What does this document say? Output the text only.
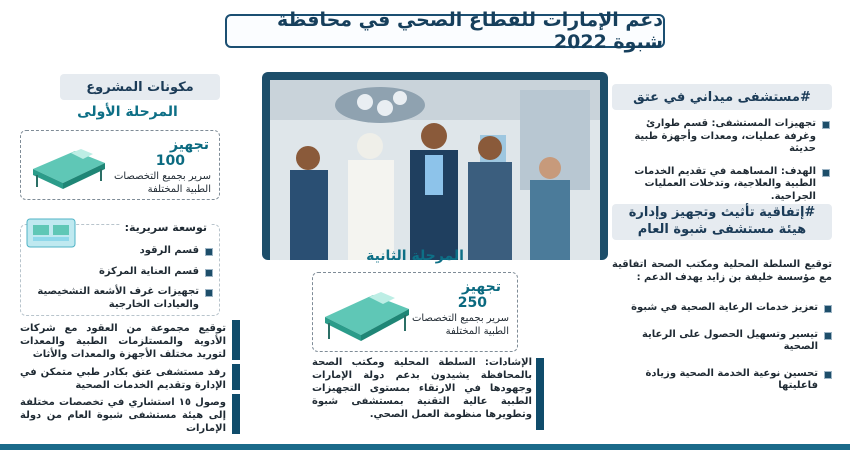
دعم الإمارات للقطاع الصحي في محافظة شبوة 2022
مكونات المشروع
المرحلة الأولى
تجهيز
100
سرير بجميع التخصصات
الطبية المختلفة
توسعة سريرية:
قسم الرقود
قسم العناية المركزة
تجهيزات غرف الأشعة التشخيصية والعيادات الخارجية
توقيع مجموعة من العقود مع شركات الأدوية والمستلزمات الطبية والمعدات لتوريد مختلف الأجهزة والمعدات والأثاث
رفد مستشفى عتق بكادر طبي متمكن في الإدارة وتقديم الخدمات الصحية
وصول ١٥ استشاري في تخصصات مختلفة إلى هيئة مستشفى شبوة العام من دولة الإمارات
المرحلة الثانية
تجهيز
250
سرير بجميع التخصصات
الطبية المختلفة
الإشادات: السلطة المحلية ومكتب الصحة بالمحافظة يشيدون بدعم دولة الإمارات وجهودها في الارتقاء بمستوى التجهيزات الطبية عالية التقنية بمستشفى شبوة وتطويرها منظومة العمل الصحي.
#مستشفى ميداني في عتق
تجهيزات المستشفى: قسم طوارئ وغرفة عمليات، ومعدات وأجهزة طبية حديثة
الهدف: المساهمة في تقديم الخدمات الطبية والعلاجية، وتدخلات العمليات الجراحية.
#إتفاقية تأثيث وتجهيز وإدارة هيئة مستشفى شبوة العام
توقيع السلطة المحلية ومكتب الصحة اتفاقية مع مؤسسة خليفة بن زايد يهدف الدعم :
تعزيز خدمات الرعاية الصحية في شبوة
تيسير وتسهيل الحصول على الرعاية الصحية
تحسين نوعية الخدمة الصحية وزيادة فاعليتها
